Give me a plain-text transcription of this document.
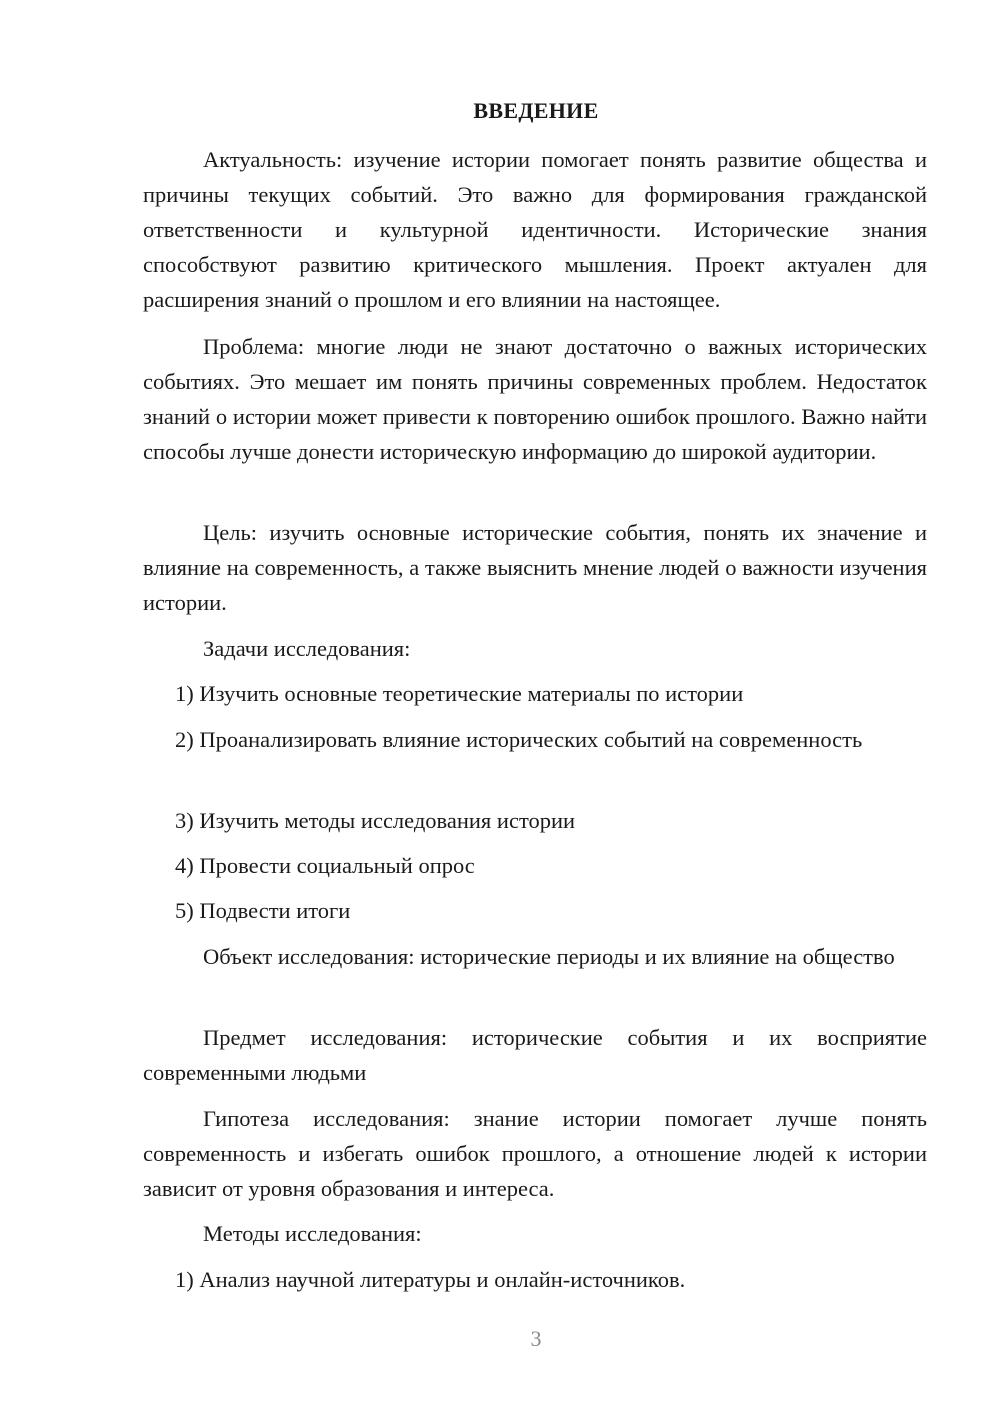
ВВЕДЕНИЕ

Актуальность: изучение истории помогает понять развитие общества и причины текущих событий. Это важно для формирования гражданской ответственности и культурной идентичности. Исторические знания способствуют развитию критического мышления. Проект актуален для расширения знаний о прошлом и его влиянии на настоящее.

Проблема: многие люди не знают достаточно о важных исторических событиях. Это мешает им понять причины современных проблем. Недостаток знаний о истории может привести к повторению ошибок прошлого. Важно найти способы лучше донести историческую информацию до широкой аудитории.

Цель: изучить основные исторические события, понять их значение и влияние на современность, а также выяснить мнение людей о важности изучения истории.

Задачи исследования:

1) Изучить основные теоретические материалы по истории

2) Проанализировать влияние исторических событий на современность

3) Изучить методы исследования истории

4) Провести социальный опрос

5) Подвести итоги

Объект исследования: исторические периоды и их влияние на общество

Предмет исследования: исторические события и их восприятие современными людьми

Гипотеза исследования: знание истории помогает лучше понять современность и избегать ошибок прошлого, а отношение людей к истории зависит от уровня образования и интереса.

Методы исследования:

1) Анализ научной литературы и онлайн-источников.

3
